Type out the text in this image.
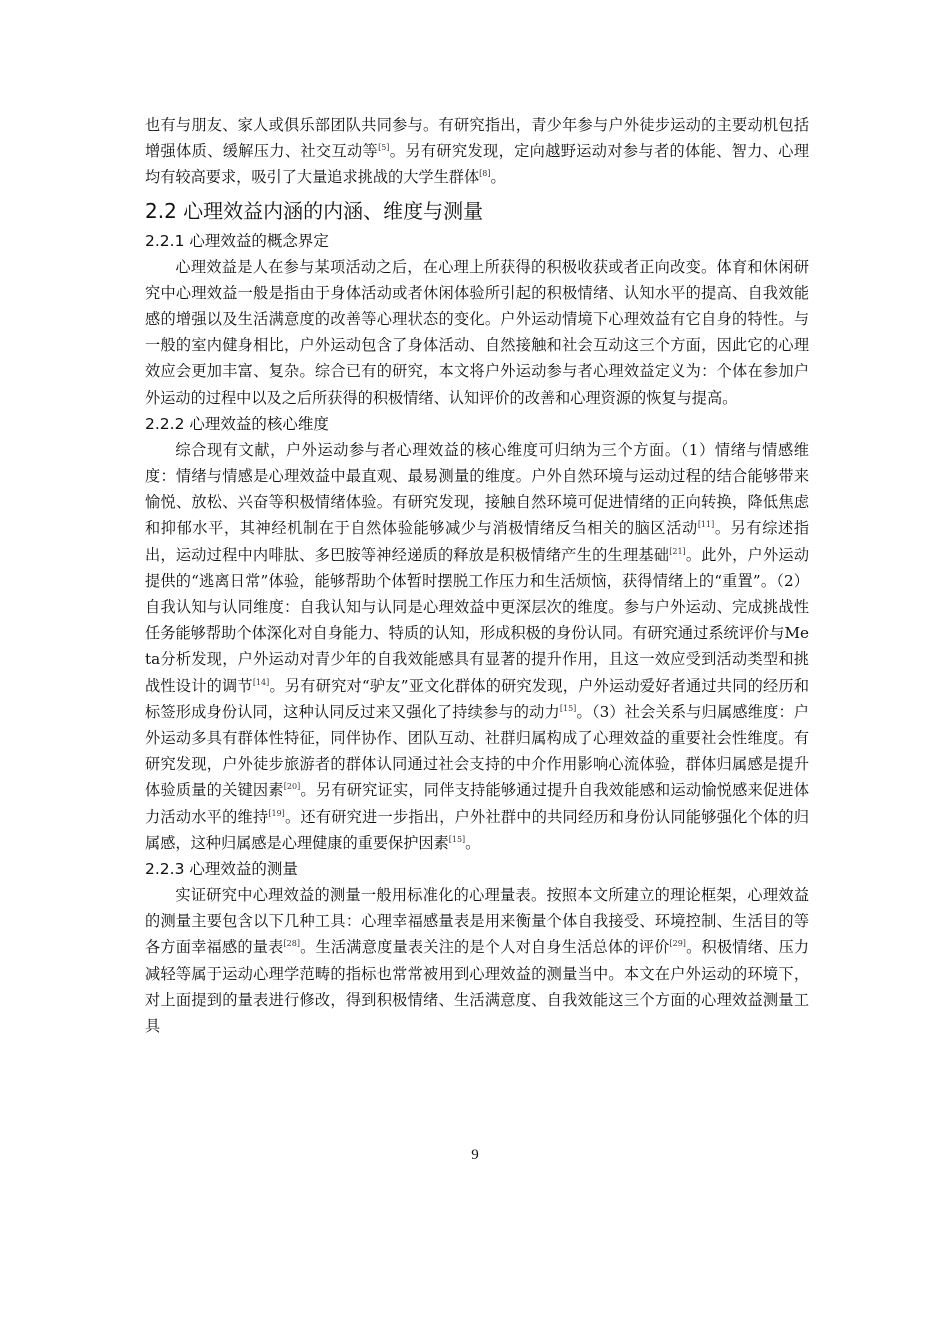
也有与朋友、家人或俱乐部团队共同参与。有研究指出，青少年参与户外徒步运动的主要动机包括增强体质、缓解压力、社交互动等[5]。另有研究发现，定向越野运动对参与者的体能、智力、心理均有较高要求，吸引了大量追求挑战的大学生群体[8]。

2.2 心理效益内涵的内涵、维度与测量
2.2.1 心理效益的概念界定

心理效益是人在参与某项活动之后，在心理上所获得的积极收获或者正向改变。体育和休闲研究中心理效益一般是指由于身体活动或者休闲体验所引起的积极情绪、认知水平的提高、自我效能感的增强以及生活满意度的改善等心理状态的变化。户外运动情境下心理效益有它自身的特性。与一般的室内健身相比，户外运动包含了身体活动、自然接触和社会互动这三个方面，因此它的心理效应会更加丰富、复杂。综合已有的研究，本文将户外运动参与者心理效益定义为：个体在参加户外运动的过程中以及之后所获得的积极情绪、认知评价的改善和心理资源的恢复与提高。

2.2.2 心理效益的核心维度

综合现有文献，户外运动参与者心理效益的核心维度可归纳为三个方面。（1）情绪与情感维度：情绪与情感是心理效益中最直观、最易测量的维度。户外自然环境与运动过程的结合能够带来愉悦、放松、兴奋等积极情绪体验。有研究发现，接触自然环境可促进情绪的正向转换，降低焦虑和抑郁水平，其神经机制在于自然体验能够减少与消极情绪反刍相关的脑区活动[11]。另有综述指出，运动过程中内啡肽、多巴胺等神经递质的释放是积极情绪产生的生理基础[21]。此外，户外运动提供的“逃离日常”体验，能够帮助个体暂时摆脱工作压力和生活烦恼，获得情绪上的“重置”。（2）自我认知与认同维度：自我认知与认同是心理效益中更深层次的维度。参与户外运动、完成挑战性任务能够帮助个体深化对自身能力、特质的认知，形成积极的身份认同。有研究通过系统评价与Meta分析发现，户外运动对青少年的自我效能感具有显著的提升作用，且这一效应受到活动类型和挑战性设计的调节[14]。另有研究对“驴友”亚文化群体的研究发现，户外运动爱好者通过共同的经历和标签形成身份认同，这种认同反过来又强化了持续参与的动力[15]。（3）社会关系与归属感维度：户外运动多具有群体性特征，同伴协作、团队互动、社群归属构成了心理效益的重要社会性维度。有研究发现，户外徒步旅游者的群体认同通过社会支持的中介作用影响心流体验，群体归属感是提升体验质量的关键因素[20]。另有研究证实，同伴支持能够通过提升自我效能感和运动愉悦感来促进体力活动水平的维持[19]。还有研究进一步指出，户外社群中的共同经历和身份认同能够强化个体的归属感，这种归属感是心理健康的重要保护因素[15]。

2.2.3 心理效益的测量

实证研究中心理效益的测量一般用标准化的心理量表。按照本文所建立的理论框架，心理效益的测量主要包含以下几种工具：心理幸福感量表是用来衡量个体自我接受、环境控制、生活目的等各方面幸福感的量表[28]。生活满意度量表关注的是个人对自身生活总体的评价[29]。积极情绪、压力减轻等属于运动心理学范畴的指标也常常被用到心理效益的测量当中。本文在户外运动的环境下，对上面提到的量表进行修改，得到积极情绪、生活满意度、自我效能这三个方面的心理效益测量工具

9
